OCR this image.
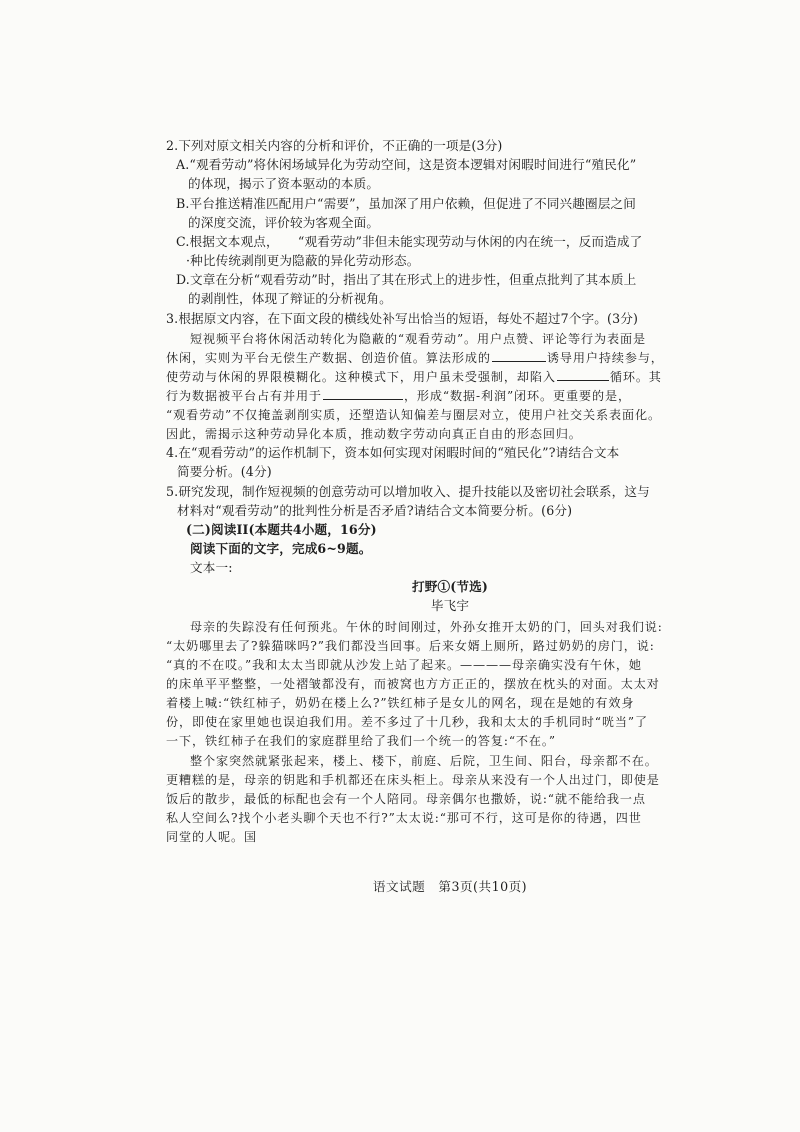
2.下列对原文相关内容的分析和评价，不正确的一项是(3分)
A.“观看劳动”将休闲场域异化为劳动空间，这是资本逻辑对闲暇时间进行“殖民化”
的体现，揭示了资本驱动的本质。
B.平台推送精准匹配用户“需要”，虽加深了用户依赖，但促进了不同兴趣圈层之间
的深度交流，评价较为客观全面。
C.根据文本观点，　　“观看劳动”非但未能实现劳动与休闲的内在统一，反而造成了
·种比传统剥削更为隐蔽的异化劳动形态。
D.文章在分析“观看劳动”时，指出了其在形式上的进步性，但重点批判了其本质上
的剥削性，体现了辩证的分析视角。
3.根据原文内容，在下面文段的横线处补写出恰当的短语，每处不超过7个字。(3分)
短视频平台将休闲活动转化为隐蔽的“观看劳动”。用户点赞、评论等行为表面是
休闲，实则为平台无偿生产数据、创造价值。算法形成的	诱导用户持续参与，
使劳动与休闲的界限模糊化。这种模式下，用户虽未受强制，却陷入	循环。其
行为数据被平台占有并用于	，形成“数据-利润”闭环。更重要的是，
“观看劳动”不仅掩盖剥削实质，还塑造认知偏差与圈层对立，使用户社交关系表面化。
因此，需揭示这种劳动异化本质，推动数字劳动向真正自由的形态回归。
4.在“观看劳动”的运作机制下，资本如何实现对闲暇时间的“殖民化”?请结合文本
简要分析。(4分)
5.研究发现，制作短视频的创意劳动可以增加收入、提升技能以及密切社会联系，这与
材料对“观看劳动”的批判性分析是否矛盾?请结合文本简要分析。(6分)
(二)阅读II(本题共4小题，16分)
阅读下面的文字，完成6~9题。
文本一:
打野①(节选)
毕飞宇
母亲的失踪没有任何预兆。午休的时间刚过，外孙女推开太奶的门，回头对我们说:
“太奶哪里去了?躲猫咪吗?”我们都没当回事。后来女婿上厕所，路过奶奶的房门，说:
“真的不在哎。”我和太太当即就从沙发上站了起来。————母亲确实没有午休，她
的床单平平整整，一处褶皱都没有，而被窝也方方正正的，摆放在枕头的对面。太太对
着楼上喊:“铁红柿子，奶奶在楼上么?”铁红柿子是女儿的网名，现在是她的有效身
份，即使在家里她也误迫我们用。差不多过了十几秒，我和太太的手机同时“咣当”了
一下，铁红柿子在我们的家庭群里给了我们一个统一的答复:“不在。”
整个家突然就紧张起来，楼上、楼下，前庭、后院，卫生间、阳台，母亲都不在。
更糟糕的是，母亲的钥匙和手机都还在床头柜上。母亲从来没有一个人出过门，即使是
饭后的散步，最低的标配也会有一个人陪同。母亲偶尔也撒娇，说:“就不能给我一点
私人空间么?找个小老头聊个天也不行?”太太说:“那可不行，这可是你的待遇，四世
同堂的人呢。国
语文试题　第3页(共10页)
